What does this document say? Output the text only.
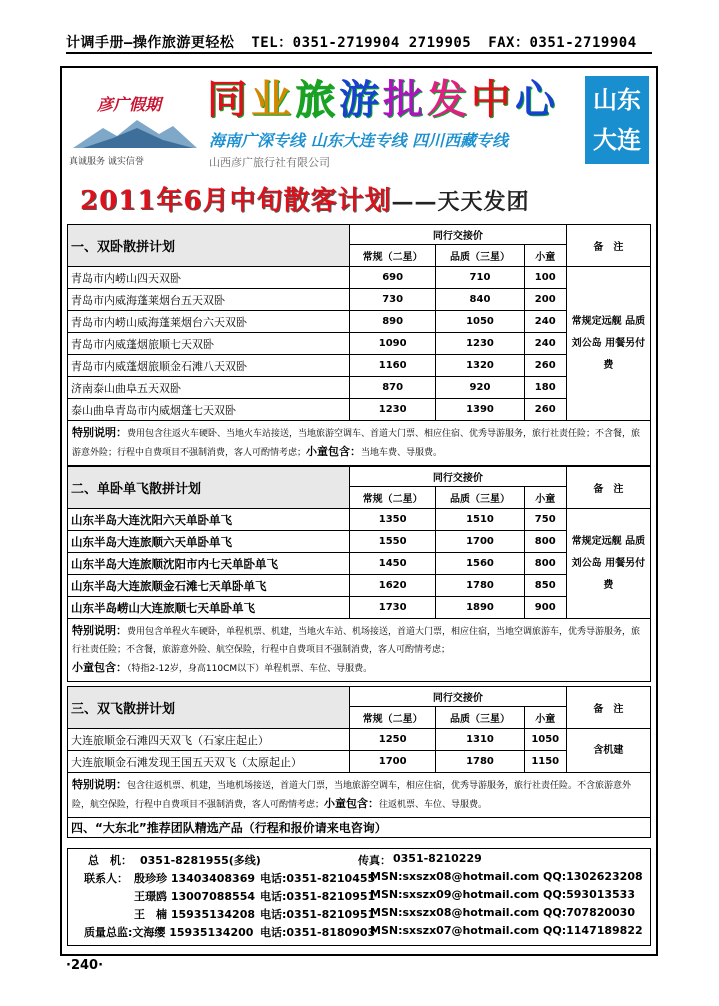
计调手册—操作旅游更轻松 TEL：0351-2719904 2719905 FAX：0351-2719904
彦广假期
真诚服务 诚实信誉
同业旅游批发中心
海南广深专线 山东大连专线 四川西藏专线
山西彦广旅行社有限公司
山东
大连
2011年6月中旬散客计划——天天发团
一、双卧散拼计划	同行交接价			备　注
	常规（二星）	品质（三星）	小童	
青岛市内崂山四天双卧	690	710	100	常规定远舰 品质刘公岛 用餐另付费
青岛市内威海蓬莱烟台五天双卧	730	840	200	
青岛市内崂山威海蓬莱烟台六天双卧	890	1050	240	
青岛市内威蓬烟旅顺七天双卧	1090	1230	240	
青岛市内威蓬烟旅顺金石滩八天双卧	1160	1320	260	
济南泰山曲阜五天双卧	870	920	180	
泰山曲阜青岛市内威烟蓬七天双卧	1230	1390	260	
特别说明：费用包含往返火车硬卧、当地火车站接送，当地旅游空调车、首道大门票、相应住宿、优秀导游服务，旅行社责任险；不含餐，旅游意外险；行程中自费项目不强制消费，客人可酌情考虑；小童包含：当地车费、导服费。				
二、单卧单飞散拼计划	同行交接价			备　注
	常规（二星）	品质（三星）	小童	
山东半岛大连沈阳六天单卧单飞	1350	1510	750	常规定远舰 品质刘公岛 用餐另付费
山东半岛大连旅顺六天单卧单飞	1550	1700	800	
山东半岛大连旅顺沈阳市内七天单卧单飞	1450	1560	800	
山东半岛大连旅顺金石滩七天单卧单飞	1620	1780	850	
山东半岛崂山大连旅顺七天单卧单飞	1730	1890	900	
特别说明：费用包含单程火车硬卧，单程机票、机建，当地火车站、机场接送，首道大门票，相应住宿，当地空调旅游车，优秀导游服务，旅行社责任险；不含餐，旅游意外险、航空保险，行程中自费项目不强制消费，客人可酌情考虑；
小童包含：（特指2-12岁，身高110CM以下）单程机票、车位、导服费。				
三、双飞散拼计划	同行交接价			备　注
	常规（二星）	品质（三星）	小童	
大连旅顺金石滩四天双飞（石家庄起止）	1250	1310	1050	含机建
大连旅顺金石滩发现王国五天双飞（太原起止）	1700	1780	1150	
特别说明：包含往返机票、机建，当地机场接送，首道大门票，当地旅游空调车，相应住宿，优秀导游服务，旅行社责任险。不含旅游意外险，航空保险，行程中自费项目不强制消费，客人可酌情考虑；小童包含：往返机票、车位、导服费。				
四、“大东北”推荐团队精选产品（行程和报价请来电咨询）				
总　机： 0351-8281955(多线)	传真： 0351-8210229
联系人： 殷珍珍 13403408369 电话:0351-8210455
MSN:sxszx08@hotmail.com QQ:1302623208
王璟鸥 13007088554 电话:0351-8210951
MSN:sxszx09@hotmail.com QQ:593013533
王　楠 15935134208 电话:0351-8210951
MSN:sxszx08@hotmail.com QQ:707820030
质量总监:文海缨 15935134200 电话:0351-8180903
MSN:sxszx07@hotmail.com QQ:1147189822
·240·
